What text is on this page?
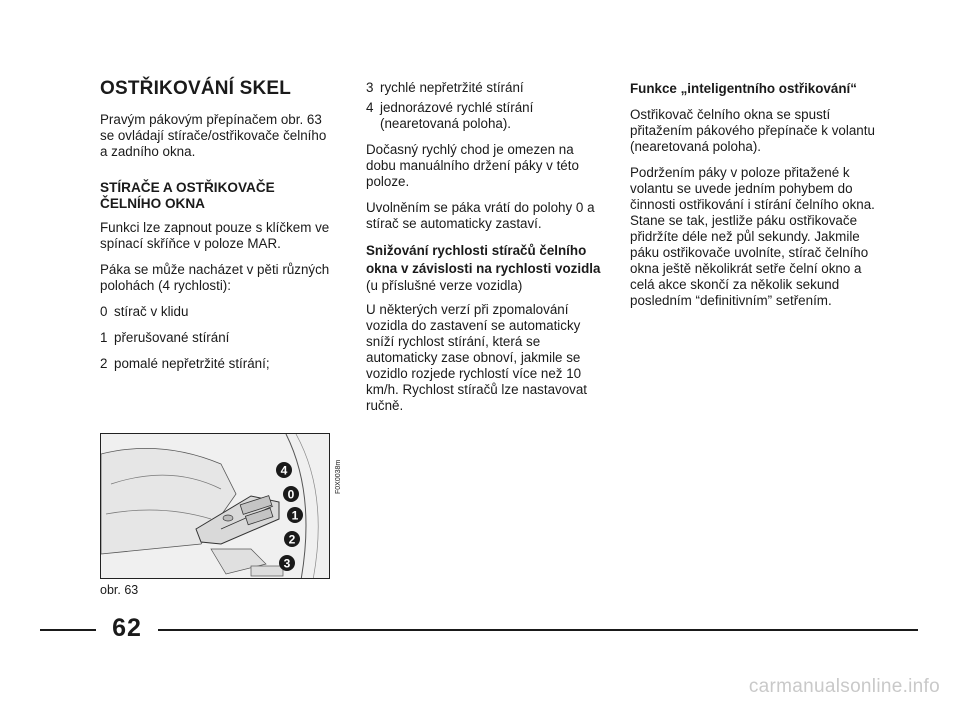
OSTŘIKOVÁNÍ SKEL

Pravým pákovým přepínačem obr. 63 se ovládají stírače/ostřikovače čelního a zadního okna.

STÍRAČE A OSTŘIKOVAČE ČELNÍHO OKNA

Funkci lze zapnout pouze s klíčkem ve spínací skříňce v poloze MAR.

Páka se může nacházet v pěti různých polohách (4 rychlosti):

0 stírač v klidu
1 přerušované stírání
2 pomalé nepřetržité stírání;
3 rychlé nepřetržité stírání
4 jednorázové rychlé stírání (nearetovaná poloha).

Dočasný rychlý chod je omezen na dobu manuálního držení páky v této poloze.

Uvolněním se páka vrátí do polohy 0 a stírač se automaticky zastaví.

Snižování rychlosti stíračů čelního okna v závislosti na rychlosti vozidla

(u příslušné verze vozidla)

U některých verzí při zpomalování vozidla do zastavení se automaticky sníží rychlost stírání, která se automaticky zase obnoví, jakmile se vozidlo rozjede rychlostí více než 10 km/h. Rychlost stíračů lze nastavovat ručně.

Funkce „inteligentního ostřikování“

Ostřikovač čelního okna se spustí přitažením pákového přepínače k volantu (nearetovaná poloha).

Podržením páky v poloze přitažené k volantu se uvede jedním pohybem do činnosti ostřikování i stírání čelního okna. Stane se tak, jestliže páku ostřikovače přidržíte déle než půl sekundy. Jakmile páku ostřikovače uvolníte, stírač čelního okna ještě několikrát setře čelní okno a celá akce skončí za několik sekund posledním “definitivním” setřením.

4
0
1
2
3
F0X0038m
obr. 63
62
carmanualsonline.info
